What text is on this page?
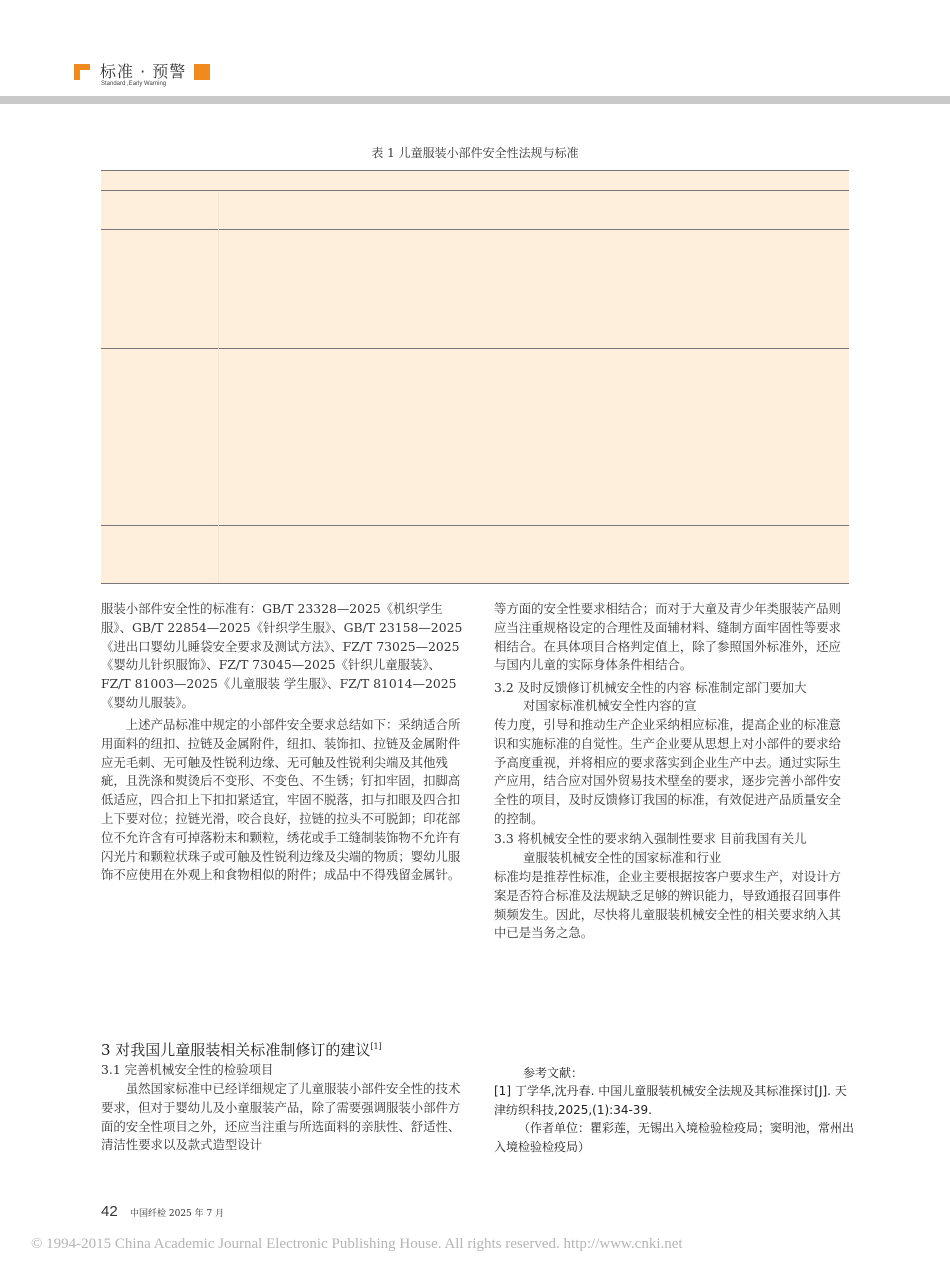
标准 · 预警
Standard ,Early Warning
表 1 儿童服装小部件安全性法规与标准

服装小部件安全性的标准有：GB/T 23328—2025《机织学生服》、GB/T 22854—2025《针织学生服》、GB/T 23158—2025《进出口婴幼儿睡袋安全要求及测试方法》、FZ/T 73025—2025《婴幼儿针织服饰》、FZ/T 73045—2025《针织儿童服装》、FZ/T 81003—2025《儿童服装 学生服》、FZ/T 81014—2025《婴幼儿服装》。

上述产品标准中规定的小部件安全要求总结如下：采纳适合所用面料的纽扣、拉链及金属附件，纽扣、装饰扣、拉链及金属附件应无毛刺、无可触及性锐利边缘、无可触及性锐利尖端及其他残疵，且洗涤和熨烫后不变形、不变色、不生锈；钉扣牢固，扣脚高低适应，四合扣上下扣扣紧适宜，牢固不脱落，扣与扣眼及四合扣上下要对位；拉链光滑，咬合良好，拉链的拉头不可脱卸；印花部位不允许含有可掉落粉末和颗粒，绣花或手工缝制装饰物不允许有闪光片和颗粒状珠子或可触及性锐利边缘及尖端的物质；婴幼儿服饰不应使用在外观上和食物相似的附件；成品中不得残留金属针。

等方面的安全性要求相结合；而对于大童及青少年类服装产品则应当注重规格设定的合理性及面辅材料、缝制方面牢固性等要求相结合。在具体项目合格判定值上，除了参照国外标准外，还应与国内儿童的实际身体条件相结合。

3.2 及时反馈修订机械安全性的内容 标准制定部门要加大
对国家标准机械安全性内容的宣

传力度，引导和推动生产企业采纳相应标准，提高企业的标准意识和实施标准的自觉性。生产企业要从思想上对小部件的要求给予高度重视，并将相应的要求落实到企业生产中去。通过实际生产应用，结合应对国外贸易技术壁垒的要求，逐步完善小部件安全性的项目，及时反馈修订我国的标准，有效促进产品质量安全的控制。

3.3 将机械安全性的要求纳入强制性要求 目前我国有关儿
童服装机械安全性的国家标准和行业

标准均是推荐性标准，企业主要根据按客户要求生产，对设计方案是否符合标准及法规缺乏足够的辨识能力，导致通报召回事件频频发生。因此，尽快将儿童服装机械安全性的相关要求纳入其中已是当务之急。

3 对我国儿童服装相关标准制修订的建议[1]
3.1 完善机械安全性的检验项目

虽然国家标准中已经详细规定了儿童服装小部件安全性的技术要求，但对于婴幼儿及小童服装产品，除了需要强调服装小部件方面的安全性项目之外，还应当注重与所选面料的亲肤性、舒适性、清洁性要求以及款式造型设计

参考文献：
[1] 丁学华,沈丹春. 中国儿童服装机械安全法规及其标准探讨[J]. 天津纺织科技,2025,(1):34-39.
（作者单位：瞿彩莲，无锡出入境检验检疫局；窦明池，常州出入境检验检疫局）
42 中国纤检 2025 年 7 月
© 1994-2015 China Academic Journal Electronic Publishing House. All rights reserved. http://www.cnki.net
